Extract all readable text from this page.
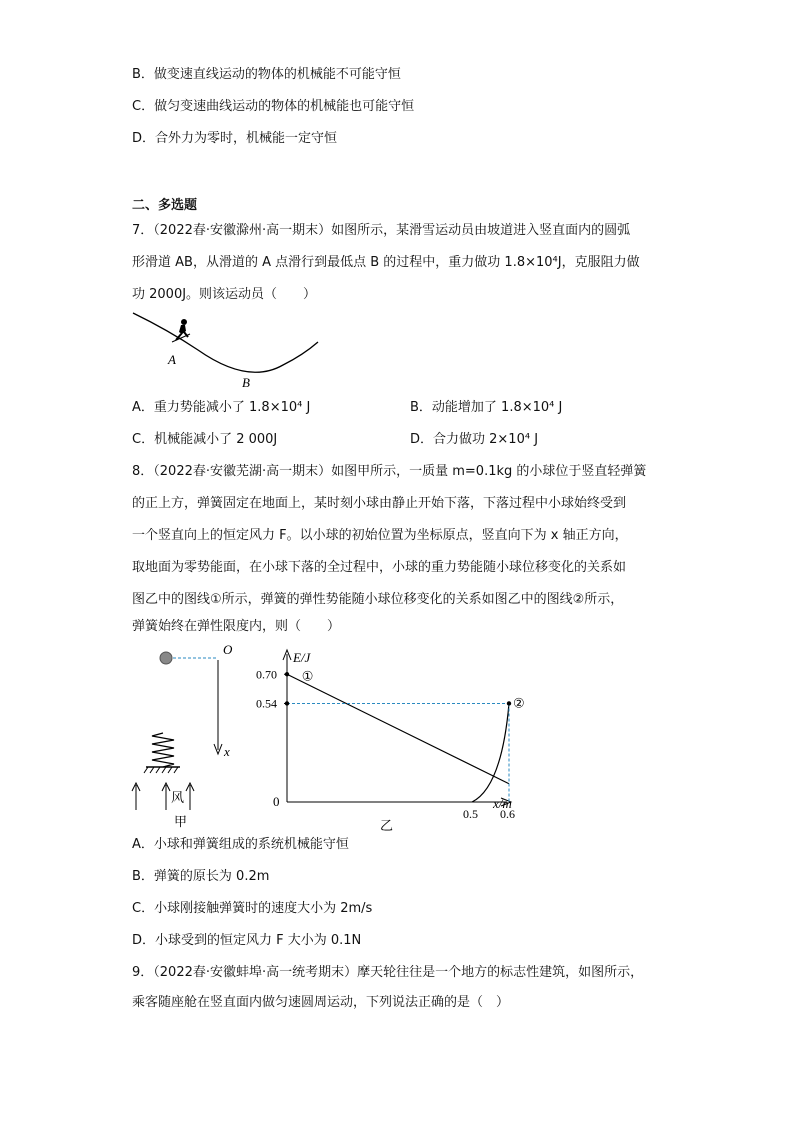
B．做变速直线运动的物体的机械能不可能守恒
C．做匀变速曲线运动的物体的机械能也可能守恒
D．合外力为零时，机械能一定守恒
二、多选题
7．（2022春·安徽滁州·高一期末）如图所示，某滑雪运动员由坡道进入竖直面内的圆弧
形滑道 AB，从滑道的 A 点滑行到最低点 B 的过程中，重力做功 1.8×10⁴J，克服阻力做
功 2000J。则该运动员（　　）
A
B
A．重力势能减小了 1.8×10⁴ J	B．动能增加了 1.8×10⁴ J
C．机械能减小了 2 000J	D．合力做功 2×10⁴ J
8．（2022春·安徽芜湖·高一期末）如图甲所示，一质量 m=0.1kg 的小球位于竖直轻弹簧
的正上方，弹簧固定在地面上，某时刻小球由静止开始下落，下落过程中小球始终受到
一个竖直向上的恒定风力 F。以小球的初始位置为坐标原点，竖直向下为 x 轴正方向，
取地面为零势能面，在小球下落的全过程中，小球的重力势能随小球位移变化的关系如
图乙中的图线①所示，弹簧的弹性势能随小球位移变化的关系如图乙中的图线②所示，
弹簧始终在弹性限度内，则（　　）
O
x
风
甲
E/J
x/m
0
0.70
0.54
0.5 0.6
①
②
乙
A．小球和弹簧组成的系统机械能守恒
B．弹簧的原长为 0.2m
C．小球刚接触弹簧时的速度大小为 2m/s
D．小球受到的恒定风力 F 大小为 0.1N
9．（2022春·安徽蚌埠·高一统考期末）摩天轮往往是一个地方的标志性建筑，如图所示，
乘客随座舱在竖直面内做匀速圆周运动，下列说法正确的是（　）
